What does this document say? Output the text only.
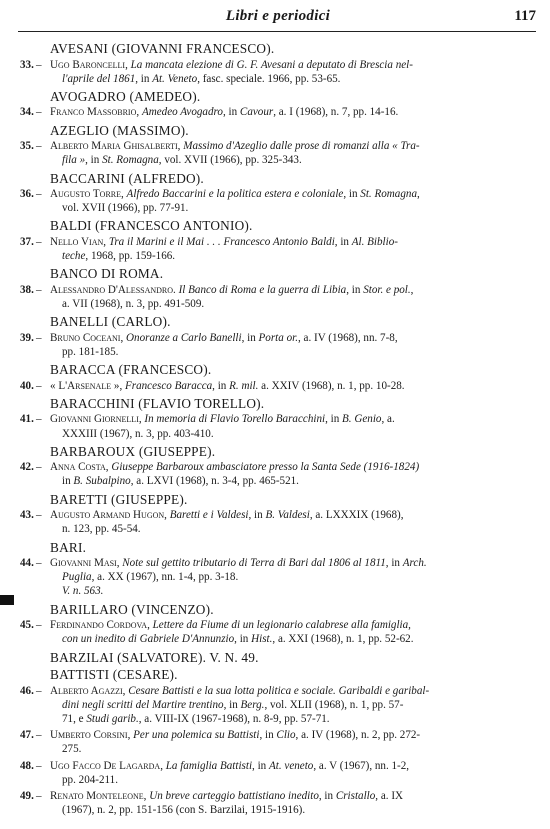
Libri e periodici	117
AVESANI (GIOVANNI FRANCESCO).
33. – Ugo Baroncelli, La mancata elezione di G. F. Avesani a deputato di Brescia nel-
l'aprile del 1861, in At. Veneto, fasc. speciale. 1966, pp. 53-65.
AVOGADRO (AMEDEO).
34. – Franco Massobrio, Amedeo Avogadro, in Cavour, a. I (1968), n. 7, pp. 14-16.
AZEGLIO (MASSIMO).
35. – Alberto Maria Ghisalberti, Massimo d'Azeglio dalle prose di romanzi alla « Tra-
fila », in St. Romagna, vol. XVII (1966), pp. 325-343.
BACCARINI (ALFREDO).
36. – Augusto Torre, Alfredo Baccarini e la politica estera e coloniale, in St. Romagna,
vol. XVII (1966), pp. 77-91.
BALDI (FRANCESCO ANTONIO).
37. – Nello Vian, Tra il Marini e il Mai . . . Francesco Antonio Baldi, in Al. Biblio-
teche, 1968, pp. 159-166.
BANCO DI ROMA.
38. – Alessandro D'Alessandro. Il Banco di Roma e la guerra di Libia, in Stor. e pol.,
a. VII (1968), n. 3, pp. 491-509.
BANELLI (CARLO).
39. – Bruno Coceani, Onoranze a Carlo Banelli, in Porta or., a. IV (1968), nn. 7-8,
pp. 181-185.
BARACCA (FRANCESCO).
40. – « L'Arsenale », Francesco Baracca, in R. mil. a. XXIV (1968), n. 1, pp. 10-28.
BARACCHINI (FLAVIO TORELLO).
41. – Giovanni Giornelli, In memoria di Flavio Torello Baracchini, in B. Genio, a.
XXXIII (1967), n. 3, pp. 403-410.
BARBAROUX (GIUSEPPE).
42. – Anna Costa, Giuseppe Barbaroux ambasciatore presso la Santa Sede (1916-1824)
in B. Subalpino, a. LXVI (1968), n. 3-4, pp. 465-521.
BARETTI (GIUSEPPE).
43. – Augusto Armand Hugon, Baretti e i Valdesi, in B. Valdesi, a. LXXXIX (1968),
n. 123, pp. 45-54.
BARI.
44. – Giovanni Masi, Note sul gettito tributario di Terra di Bari dal 1806 al 1811, in Arch.
Puglia, a. XX (1967), nn. 1-4, pp. 3-18.
V. n. 563.
BARILLARO (VINCENZO).
45. – Ferdinando Cordova, Lettere da Fiume di un legionario calabrese alla famiglia,
con un inedito di Gabriele D'Annunzio, in Hist., a. XXI (1968), n. 1, pp. 52-62.
BARZILAI (SALVATORE). V. N. 49.
BATTISTI (CESARE).
46. – Alberto Agazzi, Cesare Battisti e la sua lotta politica e sociale. Garibaldi e garibal-
dini negli scritti del Martire trentino, in Berg., vol. XLII (1968), n. 1, pp. 57-
71, e Studi garib., a. VIII-IX (1967-1968), n. 8-9, pp. 57-71.
47. – Umberto Corsini, Per una polemica su Battisti, in Clio, a. IV (1968), n. 2, pp. 272-
275.
48. – Ugo Facco De Lagarda, La famiglia Battisti, in At. veneto, a. V (1967), nn. 1-2,
pp. 204-211.
49. – Renato Monteleone, Un breve carteggio battistiano inedito, in Cristallo, a. IX
(1967), n. 2, pp. 151-156 (con S. Barzilai, 1915-1916).
